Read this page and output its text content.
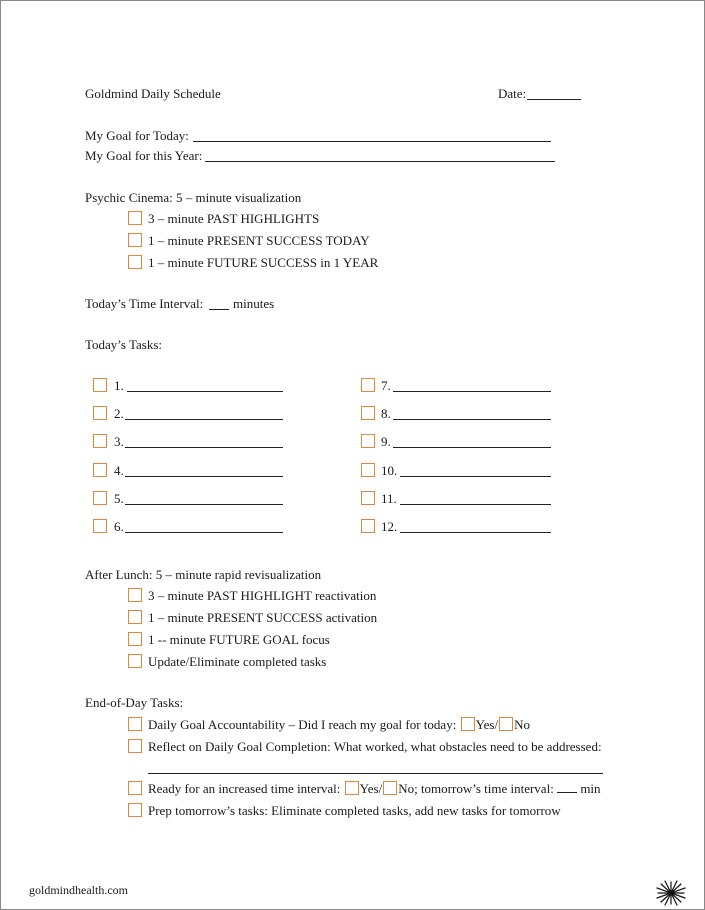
Goldmind Daily Schedule	Date:
My Goal for Today:
My Goal for this Year:
Psychic Cinema: 5 – minute visualization
3 – minute PAST HIGHLIGHTS
1 – minute PRESENT SUCCESS TODAY
1 – minute FUTURE SUCCESS in 1 YEAR
Today’s Time Interval: minutes
Today’s Tasks:
1.
2.
3.
4.
5.
6.
7.
8.
9.
10.
11.
12.
After Lunch: 5 – minute rapid revisualization
3 – minute PAST HIGHLIGHT reactivation
1 – minute PRESENT SUCCESS activation
1 -- minute FUTURE GOAL focus
Update/Eliminate completed tasks
End-of-Day Tasks:
Daily Goal Accountability – Did I reach my goal for today: Yes/ No
Reflect on Daily Goal Completion: What worked, what obstacles need to be addressed:
Ready for an increased time interval: Yes/ No; tomorrow’s time interval: min
Prep tomorrow’s tasks: Eliminate completed tasks, add new tasks for tomorrow
goldmindhealth.com
